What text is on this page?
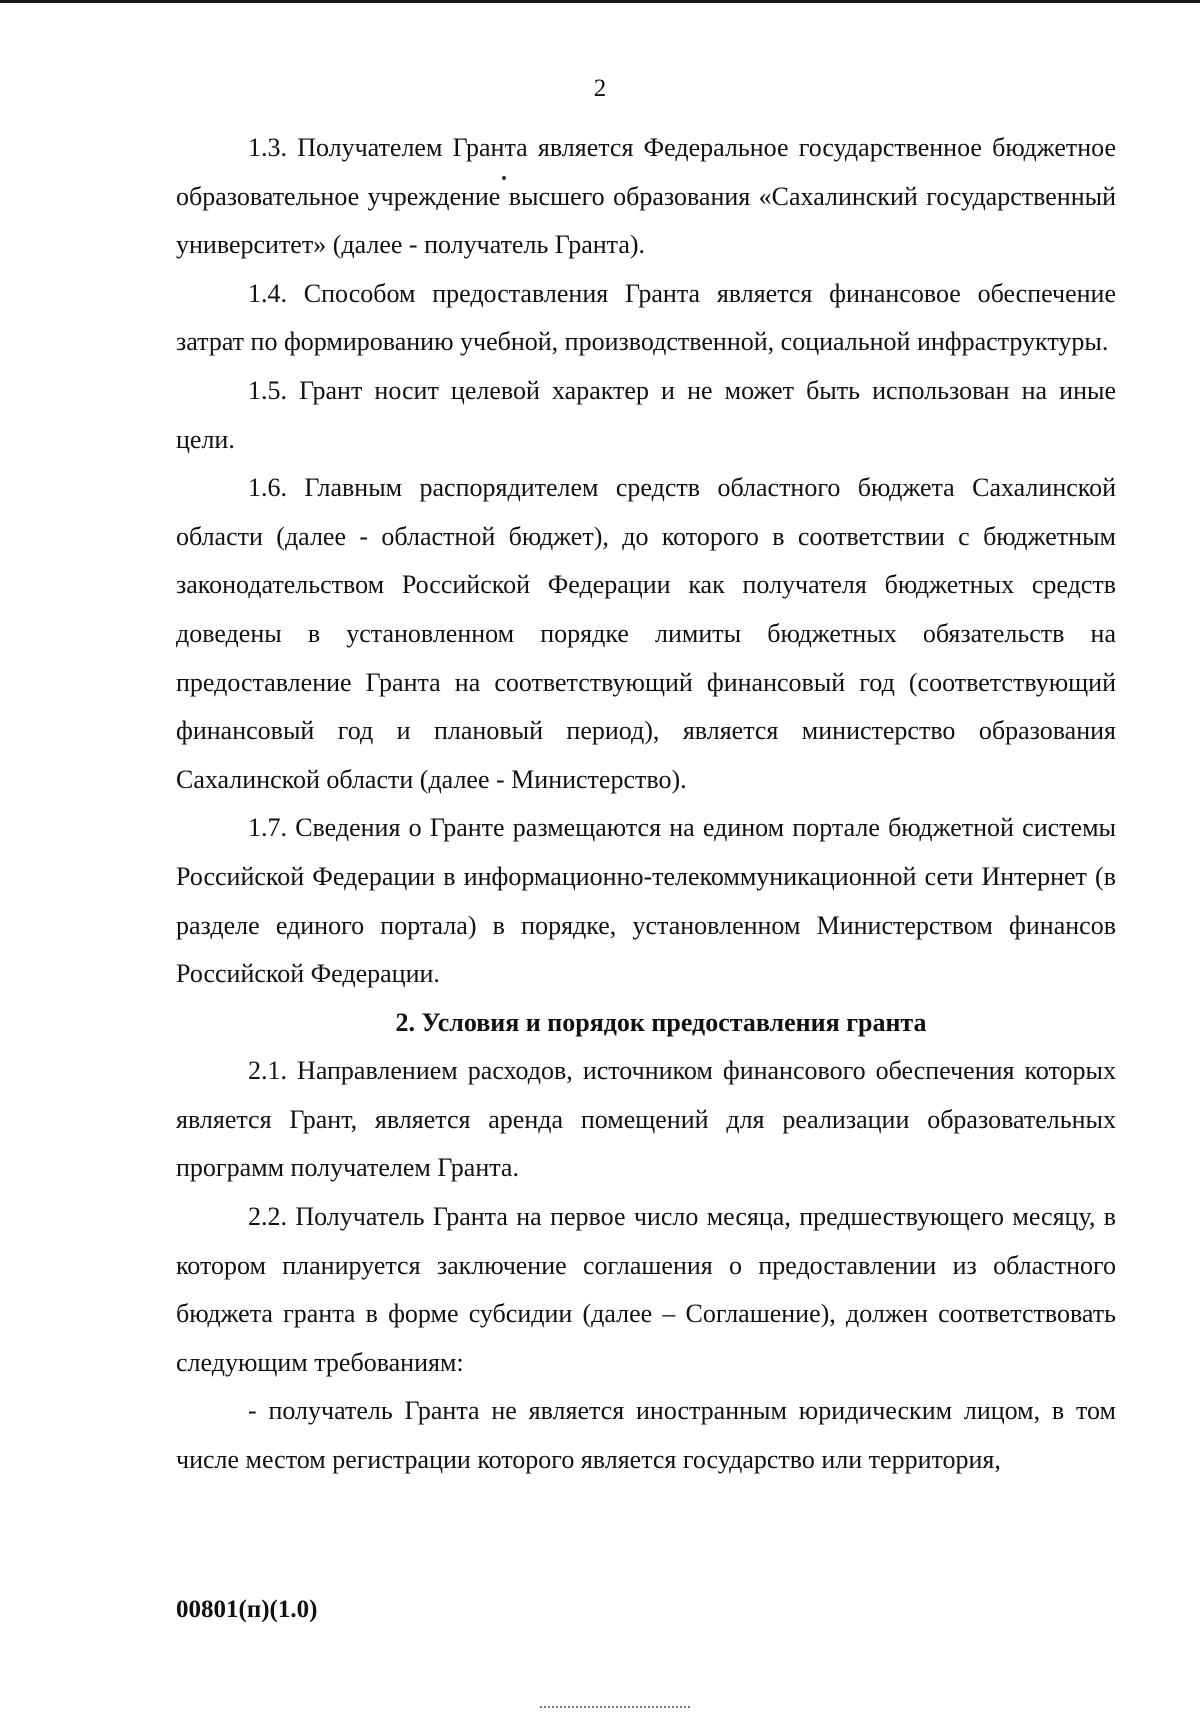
2

1.3. Получателем Гранта является Федеральное государственное бюджетное образовательное учреждение высшего образования «Сахалинский государственный университет» (далее - получатель Гранта).

1.4. Способом предоставления Гранта является финансовое обеспечение затрат по формированию учебной, производственной, социальной инфраструктуры.

1.5. Грант носит целевой характер и не может быть использован на иные цели.

1.6. Главным распорядителем средств областного бюджета Сахалинской области (далее - областной бюджет), до которого в соответствии с бюджетным законодательством Российской Федерации как получателя бюджетных средств доведены в установленном порядке лимиты бюджетных обязательств на предоставление Гранта на соответствующий финансовый год (соответствующий финансовый год и плановый период), является министерство образования Сахалинской области (далее - Министерство).

1.7. Сведения о Гранте размещаются на едином портале бюджетной системы Российской Федерации в информационно-телекоммуникационной сети Интернет (в разделе единого портала) в порядке, установленном Министерством финансов Российской Федерации.

2. Условия и порядок предоставления гранта

2.1. Направлением расходов, источником финансового обеспечения которых является Грант, является аренда помещений для реализации образовательных программ получателем Гранта.

2.2. Получатель Гранта на первое число месяца, предшествующего месяцу, в котором планируется заключение соглашения о предоставлении из областного бюджета гранта в форме субсидии (далее – Соглашение), должен соответствовать следующим требованиям:

- получатель Гранта не является иностранным юридическим лицом, в том числе местом регистрации которого является государство или территория,

00801(п)(1.0)
